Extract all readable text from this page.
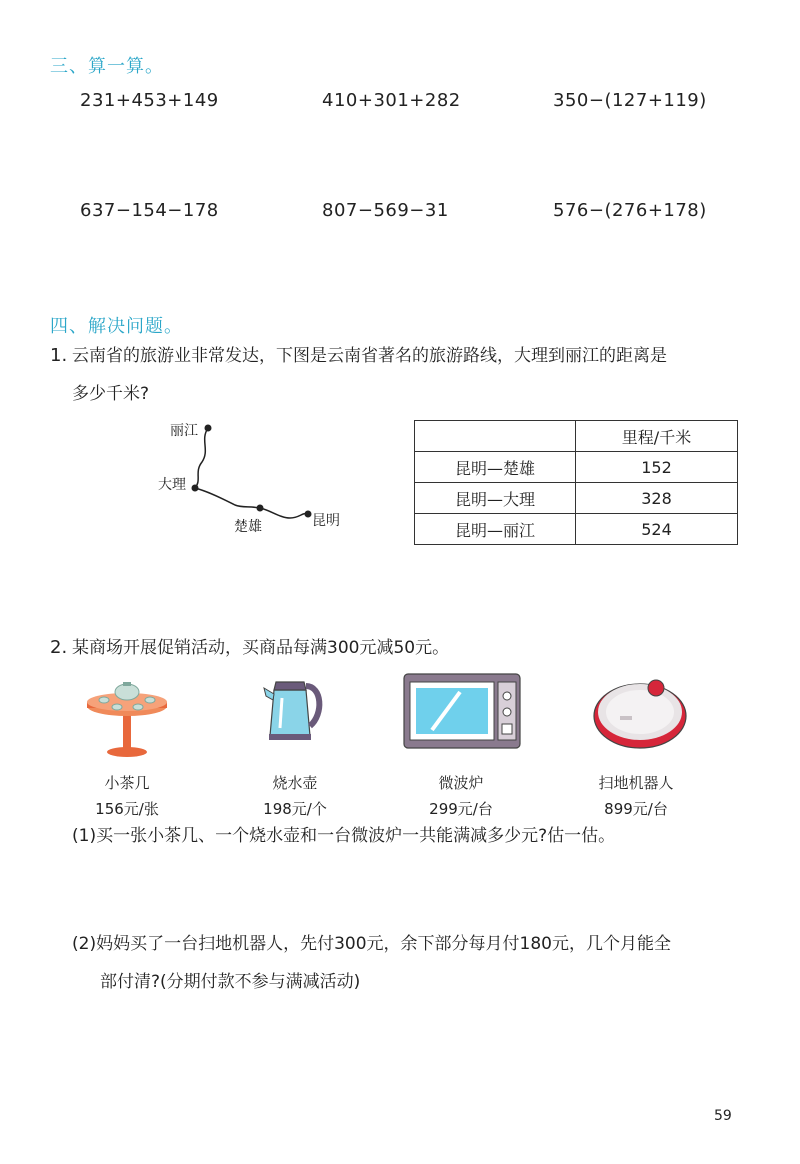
三、算一算。
231+453+149	410+301+282	350−(127+119)
637−154−178	807−569−31	576−(276+178)
四、解决问题。
1. 云南省的旅游业非常发达，下图是云南省著名的旅游路线，大理到丽江的距离是
多少千米?
丽江
大理
楚雄	昆明
	里程/千米
昆明—楚雄	152
昆明—大理	328
昆明—丽江	524
2. 某商场开展促销活动，买商品每满300元减50元。
小茶几
156元/张
烧水壶
198元/个
微波炉
299元/台
扫地机器人
899元/台
(1)买一张小茶几、一个烧水壶和一台微波炉一共能满减多少元?估一估。
(2)妈妈买了一台扫地机器人，先付300元，余下部分每月付180元，几个月能全
部付清?(分期付款不参与满减活动)
59
